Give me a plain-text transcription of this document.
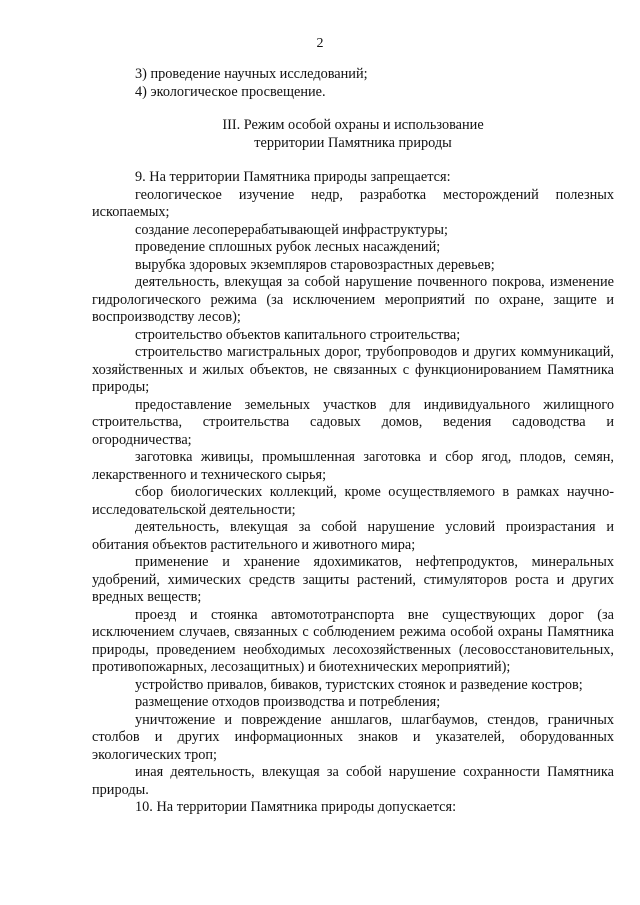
2

3) проведение научных исследований;

4) экологическое просвещение.

III. Режим особой охраны и использование
территории Памятника природы

9. На территории Памятника природы запрещается:

геологическое изучение недр, разработка месторождений полезных ископаемых;

создание лесоперерабатывающей инфраструктуры;

проведение сплошных рубок лесных насаждений;

вырубка здоровых экземпляров старовозрастных деревьев;

деятельность, влекущая за собой нарушение почвенного покрова, изменение гидрологического режима (за исключением мероприятий по охране, защите и воспроизводству лесов);

строительство объектов капитального строительства;

строительство магистральных дорог, трубопроводов и других коммуникаций, хозяйственных и жилых объектов, не связанных с функционированием Памятника природы;

предоставление земельных участков для индивидуального жилищного строительства, строительства садовых домов, ведения садоводства и огородничества;

заготовка живицы, промышленная заготовка и сбор ягод, плодов, семян, лекарственного и технического сырья;

сбор биологических коллекций, кроме осуществляемого в рамках научно-исследовательской деятельности;

деятельность, влекущая за собой нарушение условий произрастания и обитания объектов растительного и животного мира;

применение и хранение ядохимикатов, нефтепродуктов, минеральных удобрений, химических средств защиты растений, стимуляторов роста и других вредных веществ;

проезд и стоянка автомототранспорта вне существующих дорог (за исключением случаев, связанных с соблюдением режима особой охраны Памятника природы, проведением необходимых лесохозяйственных (лесовосстановительных, противопожарных, лесозащитных) и биотехнических мероприятий);

устройство привалов, биваков, туристских стоянок и разведение костров;

размещение отходов производства и потребления;

уничтожение и повреждение аншлагов, шлагбаумов, стендов, граничных столбов и других информационных знаков и указателей, оборудованных экологических троп;

иная деятельность, влекущая за собой нарушение сохранности Памятника природы.

10. На территории Памятника природы допускается:
